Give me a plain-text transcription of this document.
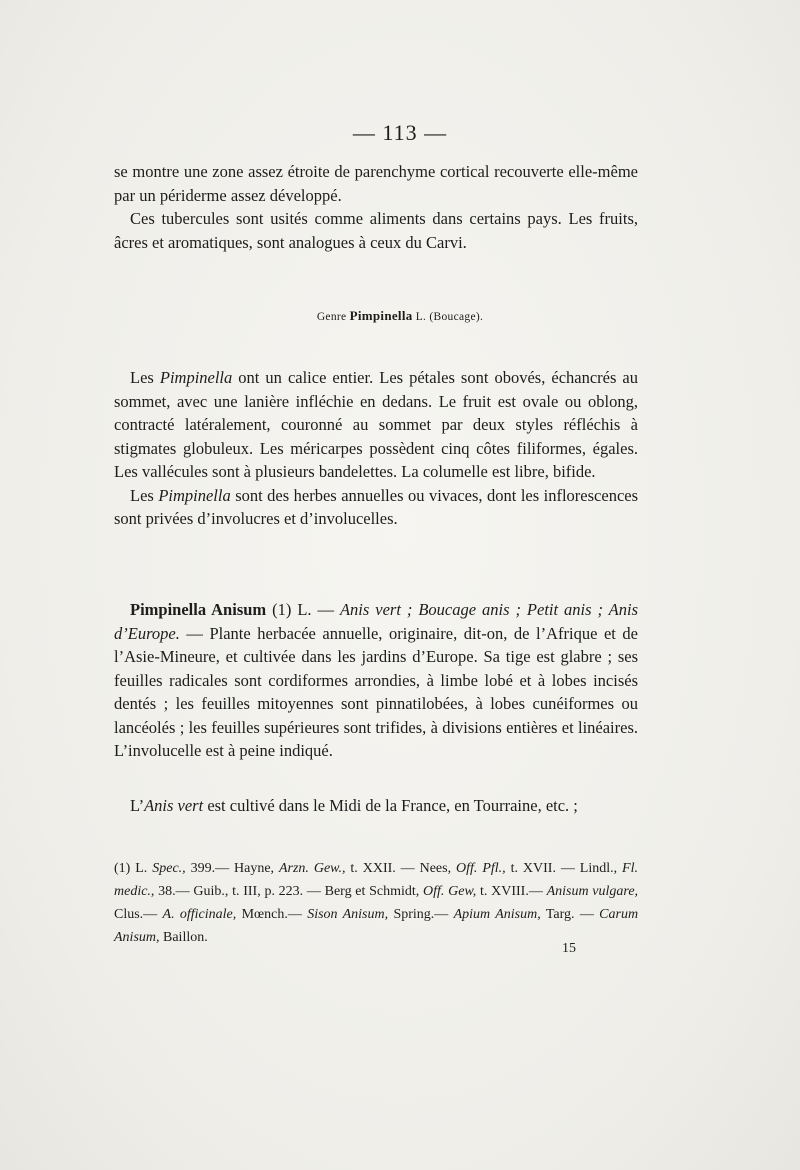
— 113 —

se montre une zone assez étroite de parenchyme cortical recouverte elle-même par un périderme assez développé.

Ces tubercules sont usités comme aliments dans certains pays. Les fruits, âcres et aromatiques, sont analogues à ceux du Carvi.

Genre Pimpinella L. (Boucage).

Les Pimpinella ont un calice entier. Les pétales sont obovés, échancrés au sommet, avec une lanière infléchie en dedans. Le fruit est ovale ou oblong, contracté latéralement, couronné au sommet par deux styles réfléchis à stigmates globuleux. Les méricarpes possèdent cinq côtes filiformes, égales. Les vallécules sont à plusieurs bandelettes. La columelle est libre, bifide.

Les Pimpinella sont des herbes annuelles ou vivaces, dont les inflorescences sont privées d’involucres et d’involucelles.

Pimpinella Anisum (1) L. — Anis vert ; Boucage anis ; Petit anis ; Anis d’Europe. — Plante herbacée annuelle, originaire, dit-on, de l’Afrique et de l’Asie-Mineure, et cultivée dans les jardins d’Europe. Sa tige est glabre ; ses feuilles radicales sont cordiformes arrondies, à limbe lobé et à lobes incisés dentés ; les feuilles mitoyennes sont pinnatilobées, à lobes cunéiformes ou lancéolés ; les feuilles supérieures sont trifides, à divisions entières et linéaires. L’involucelle est à peine indiqué.

L’Anis vert est cultivé dans le Midi de la France, en Tourraine, etc. ;

(1) L. Spec., 399.— Hayne, Arzn. Gew., t. XXII. — Nees, Off. Pfl., t. XVII. — Lindl., Fl. medic., 38.— Guib., t. III, p. 223. — Berg et Schmidt, Off. Gew, t. XVIII.— Anisum vulgare, Clus.— A. officinale, Mœnch.— Sison Anisum, Spring.— Apium Anisum, Targ. — Carum Anisum, Baillon.
15
